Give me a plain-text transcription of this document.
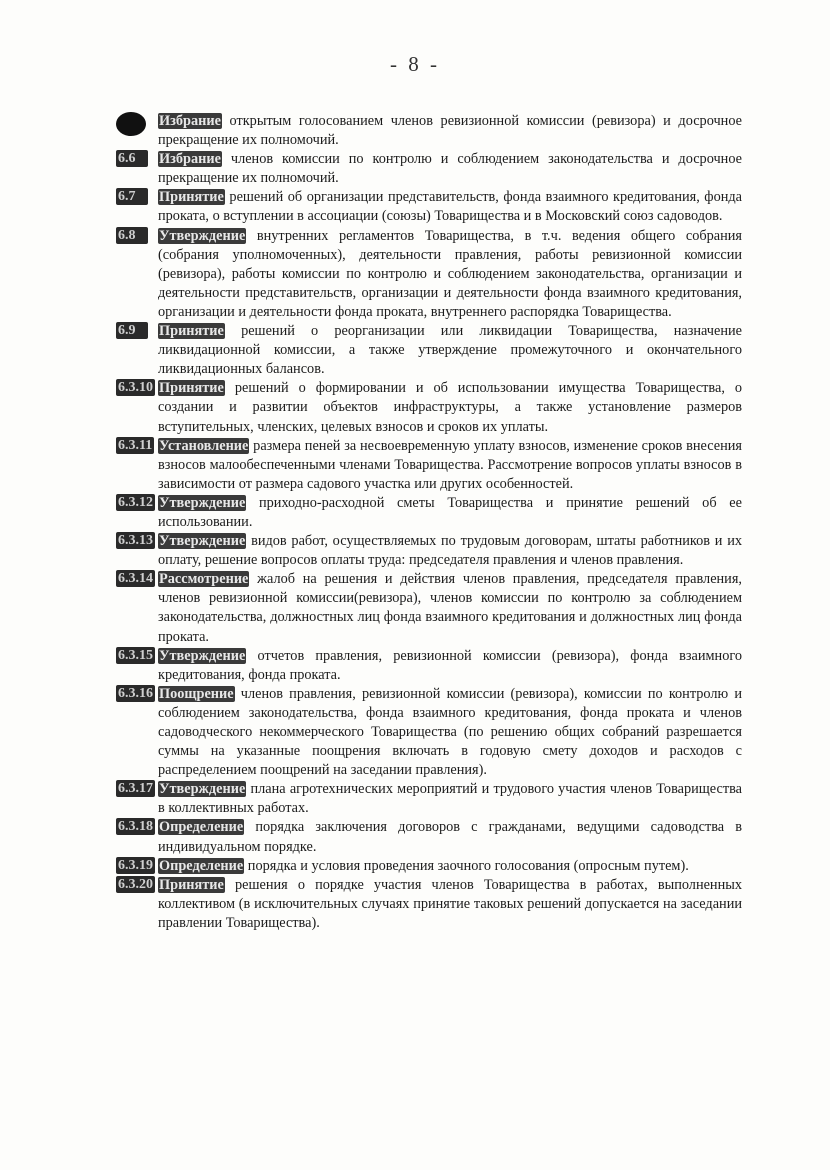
- 8 -
Избрание открытым голосованием членов ревизионной комиссии (ревизора) и досрочное прекращение их полномочий.
6.6	Избрание членов комиссии по контролю и соблюдением законодательства и досрочное прекращение их полномочий.
6.7	Принятие решений об организации представительств, фонда взаимного кредитования, фонда проката, о вступлении в ассоциации (союзы) Товарищества и в Московский союз садоводов.
6.8	Утверждение внутренних регламентов Товарищества, в т.ч. ведения общего собрания (собрания уполномоченных), деятельности правления, работы ревизионной комиссии (ревизора), работы комиссии по контролю и соблюдением законодательства, организации и деятельности представительств, организации и деятельности фонда взаимного кредитования, организации и деятельности фонда проката, внутреннего распорядка Товарищества.
6.9	Принятие решений о реорганизации или ликвидации Товарищества, назначение ликвидационной комиссии, а также утверждение промежуточного и окончательного ликвидационных балансов.
6.3.10 Принятие решений о формировании и об использовании имущества Товарищества, о создании и развитии объектов инфраструктуры, а также установление размеров вступительных, членских, целевых взносов и сроков их уплаты.
6.3.11 Установление размера пеней за несвоевременную уплату взносов, изменение сроков внесения взносов малообеспеченными членами Товарищества. Рассмотрение вопросов уплаты взносов в зависимости от размера садового участка или других особенностей.
6.3.12 Утверждение приходно-расходной сметы Товарищества и принятие решений об ее использовании.
6.3.13 Утверждение видов работ, осуществляемых по трудовым договорам, штаты работников и их оплату, решение вопросов оплаты труда: председателя правления и членов правления.
6.3.14 Рассмотрение жалоб на решения и действия членов правления, председателя правления, членов ревизионной комиссии(ревизора), членов комиссии по контролю за соблюдением законодательства, должностных лиц фонда взаимного кредитования и должностных лиц фонда проката.
6.3.15 Утверждение отчетов правления, ревизионной комиссии (ревизора), фонда взаимного кредитования, фонда проката.
6.3.16 Поощрение членов правления, ревизионной комиссии (ревизора), комиссии по контролю и соблюдением законодательства, фонда взаимного кредитования, фонда проката и членов садоводческого некоммерческого Товарищества (по решению общих собраний разрешается суммы на указанные поощрения включать в годовую смету доходов и расходов с распределением поощрений на заседании правления).
6.3.17 Утверждение плана агротехнических мероприятий и трудового участия членов Товарищества в коллективных работах.
6.3.18 Определение порядка заключения договоров с гражданами, ведущими садоводства в индивидуальном порядке.
6.3.19 Определение порядка и условия проведения заочного голосования (опросным путем).
6.3.20 Принятие решения о порядке участия членов Товарищества в работах, выполненных коллективом (в исключительных случаях принятие таковых решений допускается на заседании правлении Товарищества).
